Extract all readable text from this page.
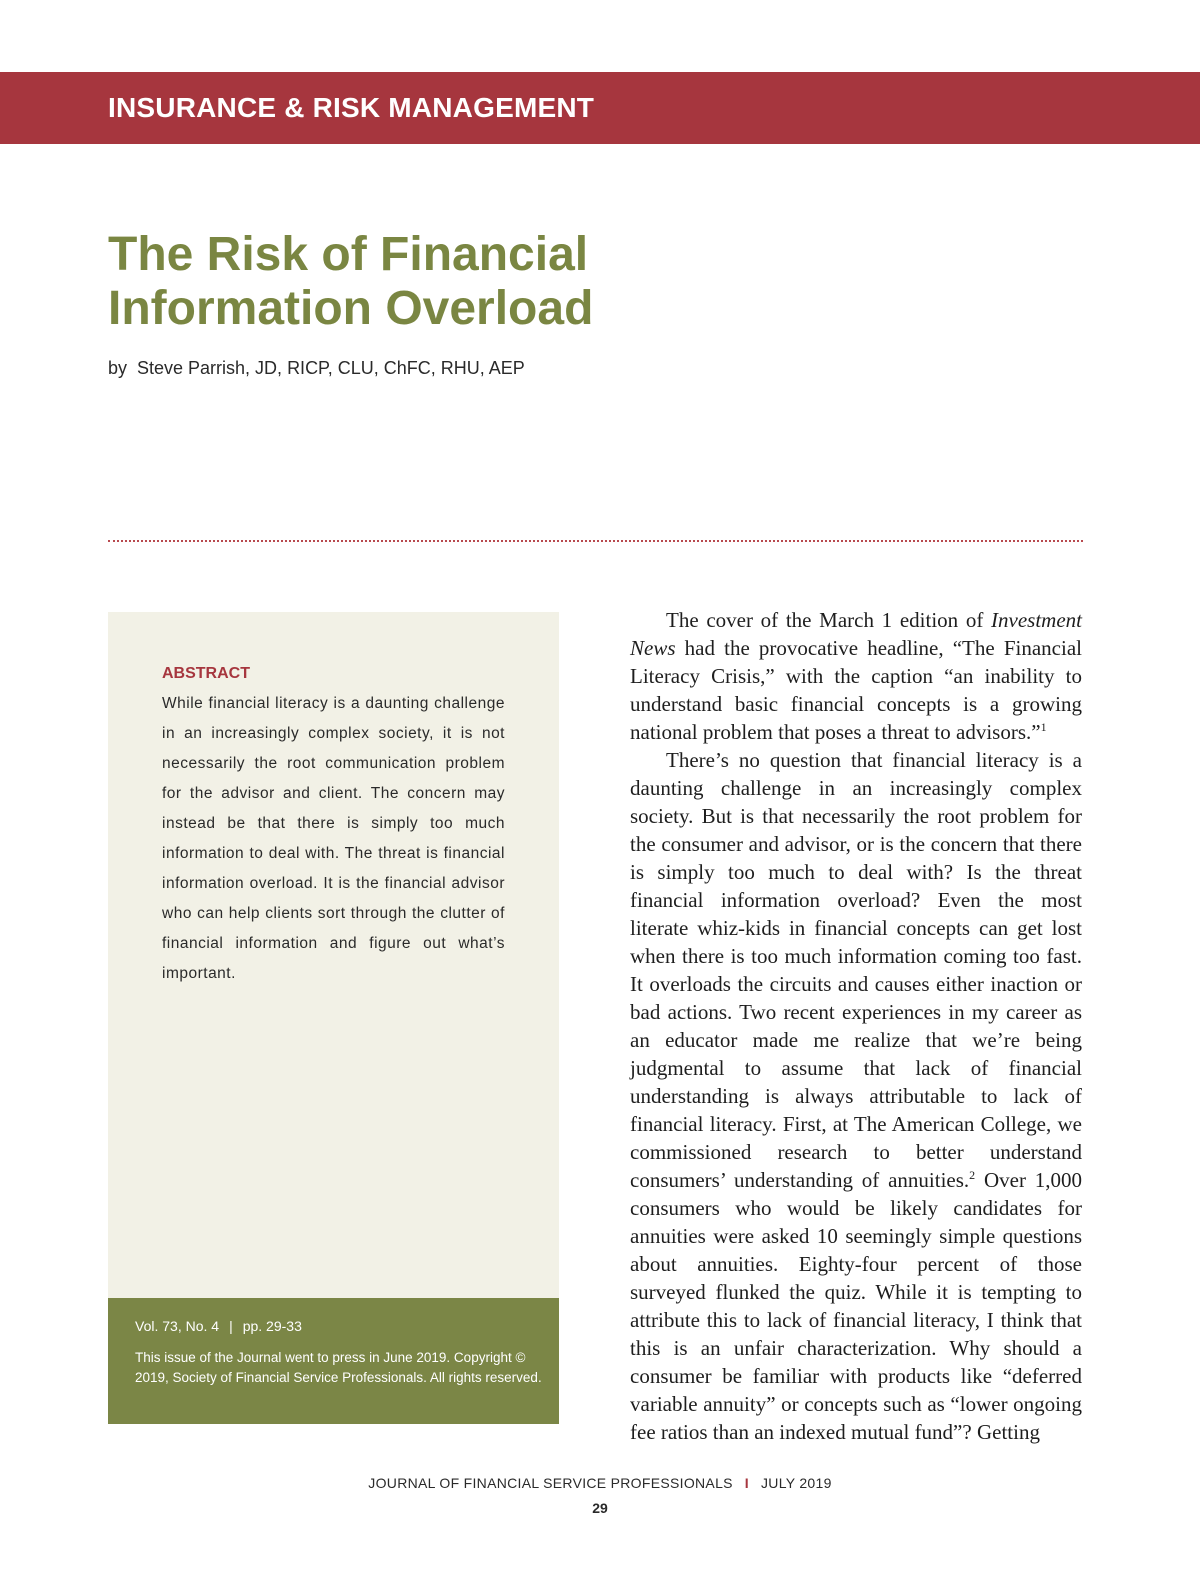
INSURANCE & RISK MANAGEMENT
The Risk of Financial Information Overload
by Steve Parrish, JD, RICP, CLU, ChFC, RHU, AEP
ABSTRACT

While financial literacy is a daunting challenge in an increasingly complex society, it is not necessarily the root communication problem for the advisor and client. The concern may instead be that there is simply too much information to deal with. The threat is financial information overload. It is the financial advisor who can help clients sort through the clutter of financial information and figure out what’s important.

Vol. 73, No. 4 | pp. 29-33

This issue of the Journal went to press in June 2019. Copyright © 2019, Society of Financial Service Professionals. All rights reserved.

The cover of the March 1 edition of Investment News had the provocative headline, “The Financial Literacy Crisis,” with the caption “an inability to understand basic financial concepts is a growing national problem that poses a threat to advisors.”$^1$

There’s no question that financial literacy is a daunting challenge in an increasingly complex society. But is that necessarily the root problem for the consumer and advisor, or is the concern that there is simply too much to deal with? Is the threat financial information overload? Even the most literate whiz-kids in financial concepts can get lost when there is too much information coming too fast. It overloads the circuits and causes either inaction or bad actions. Two recent experiences in my career as an educator made me realize that we’re being judgmental to assume that lack of financial understanding is always attributable to lack of financial literacy. First, at The American College, we commissioned research to better understand consumers’ understanding of annuities.$^2$ Over 1,000 consumers who would be likely candidates for annuities were asked 10 seemingly simple questions about annuities. Eighty-four percent of those surveyed flunked the quiz. While it is tempting to attribute this to lack of financial literacy, I think that this is an unfair characterization. Why should a consumer be familiar with products like “deferred variable annuity” or concepts such as “lower ongoing fee ratios than an indexed mutual fund”? Getting

JOURNAL OF FINANCIAL SERVICE PROFESSIONALS I JULY 2019
29
